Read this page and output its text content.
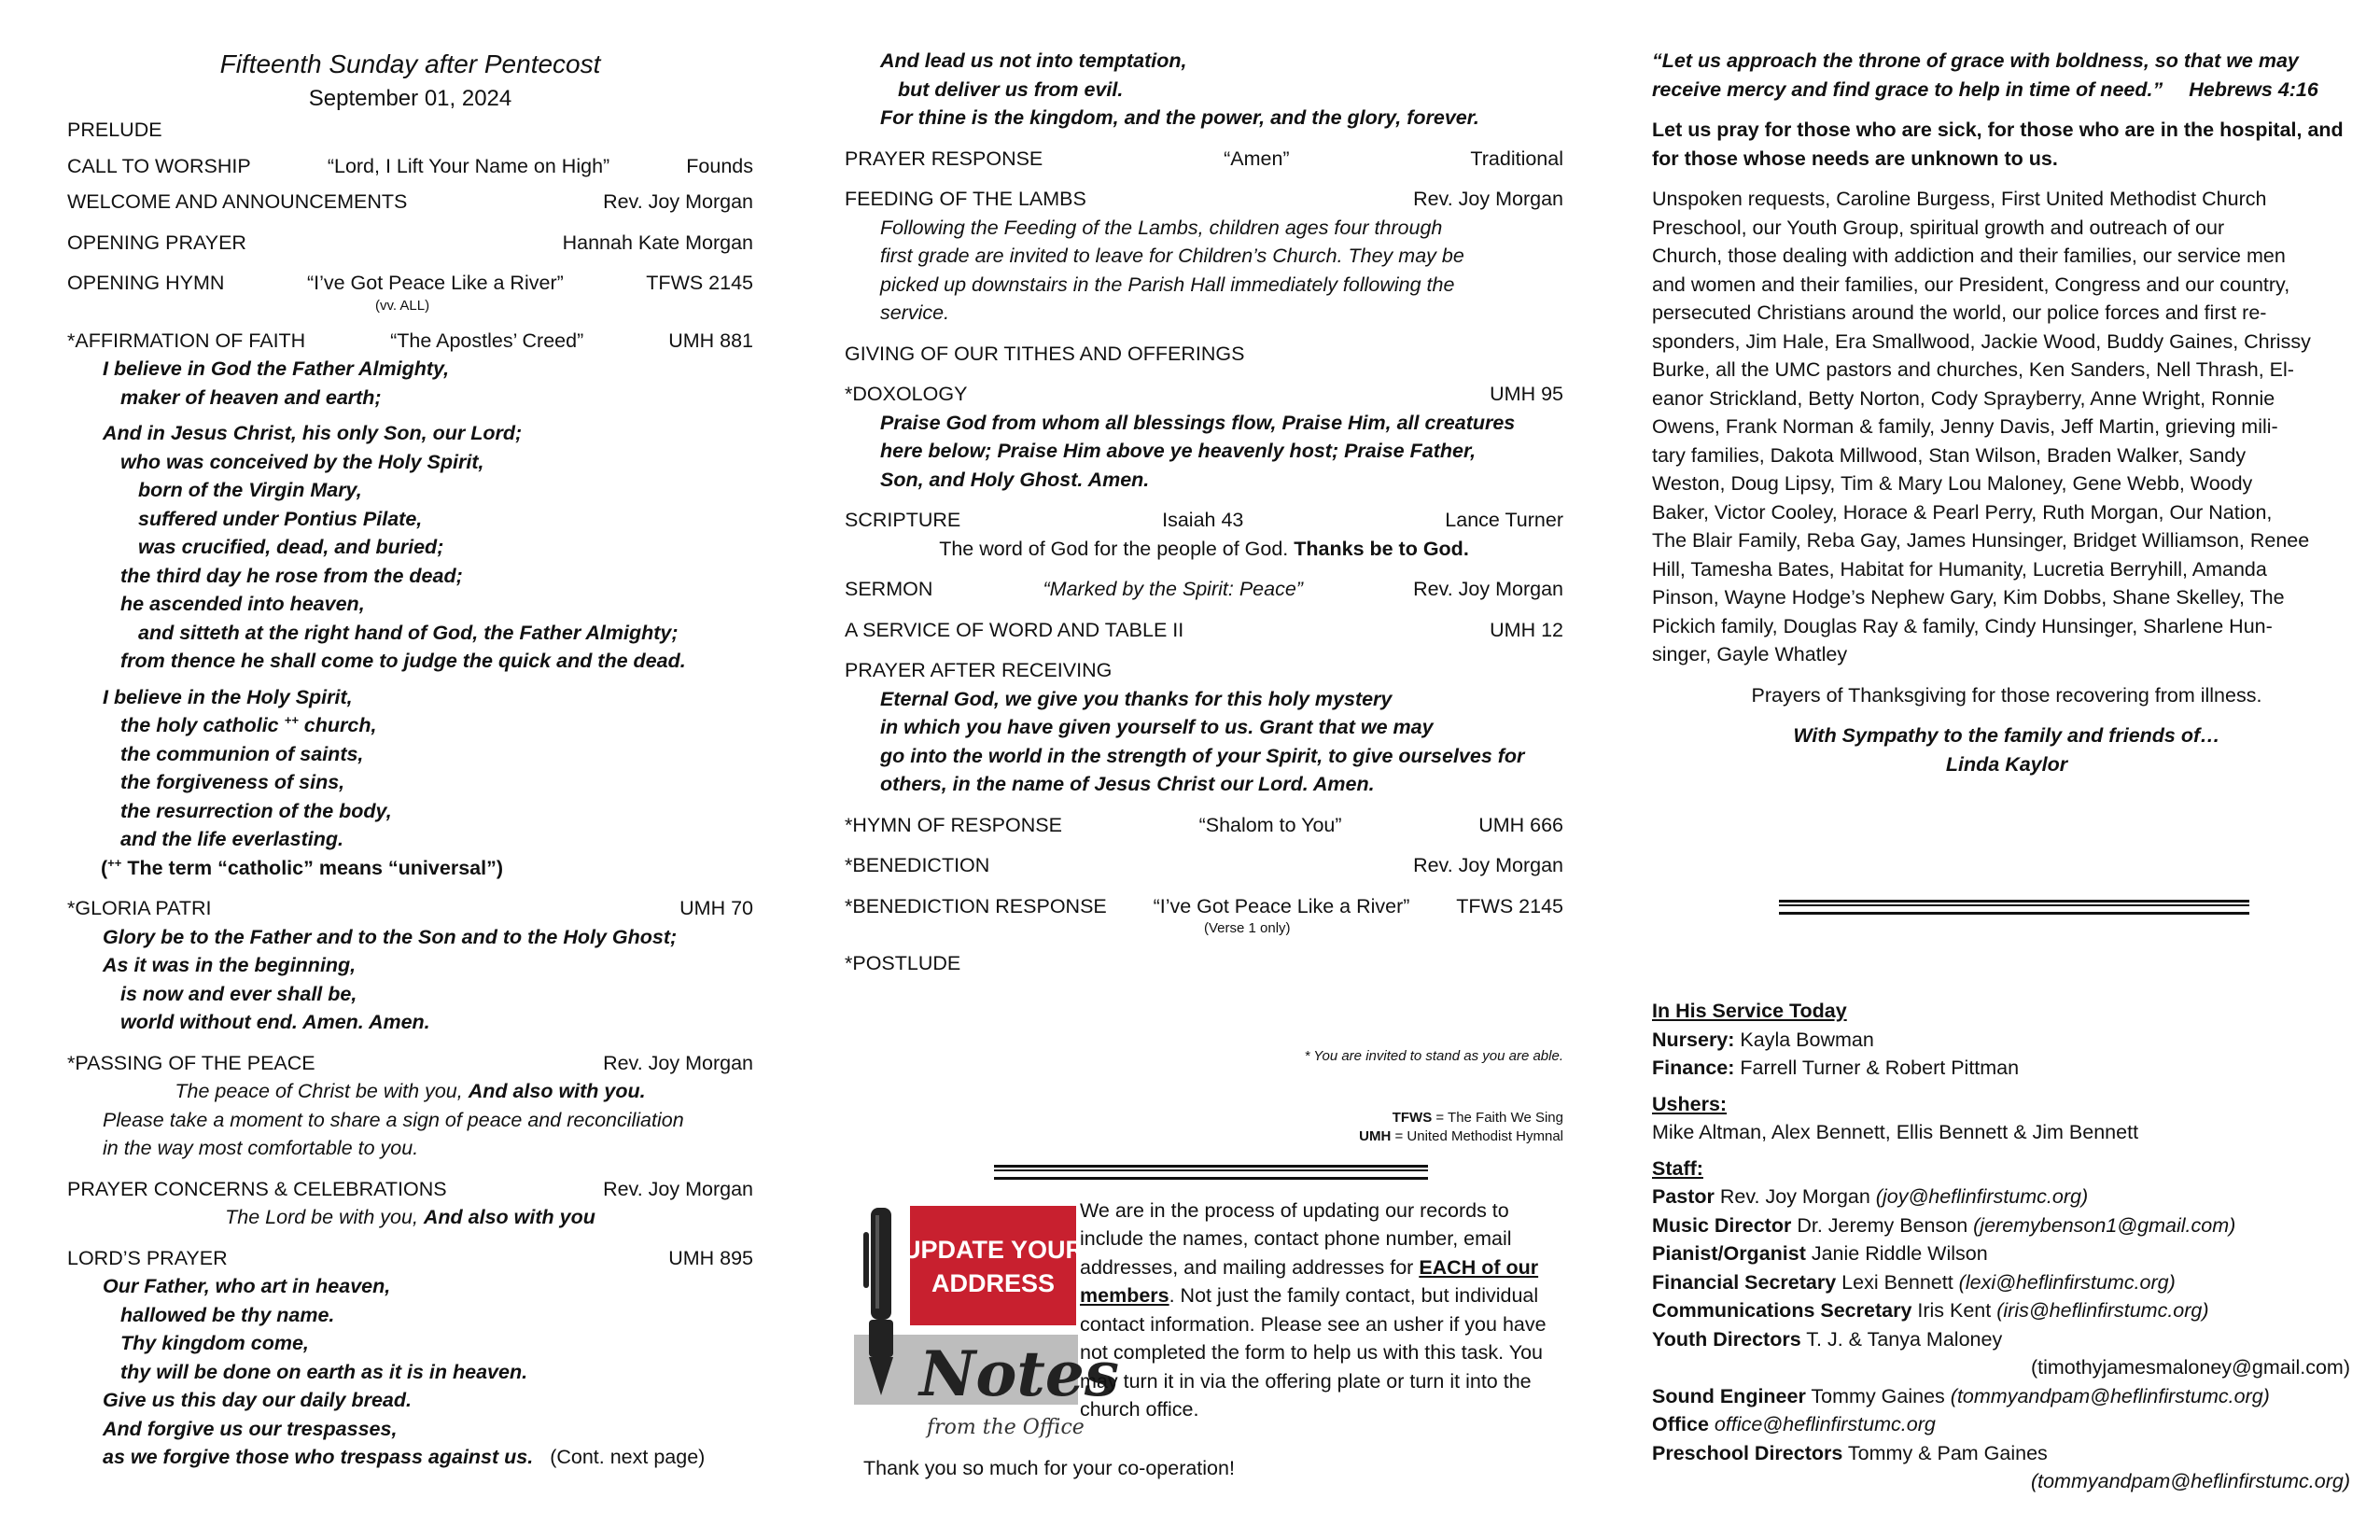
Fifteenth Sunday after Pentecost
September 01, 2024
PRELUDE
CALL TO WORSHIP	“Lord, I Lift Your Name on High”	Founds
WELCOME AND ANNOUNCEMENTS	Rev. Joy Morgan
OPENING PRAYER	Hannah Kate Morgan
OPENING HYMN	“I’ve Got Peace Like a River”	TFWS 2145
(vv. ALL)
*AFFIRMATION OF FAITH	“The Apostles’ Creed”	UMH 881
I believe in God the Father Almighty,
maker of heaven and earth;
And in Jesus Christ, his only Son, our Lord;
who was conceived by the Holy Spirit,
born of the Virgin Mary,
suffered under Pontius Pilate,
was crucified, dead, and buried;
the third day he rose from the dead;
he ascended into heaven,
and sitteth at the right hand of God, the Father Almighty;
from thence he shall come to judge the quick and the dead.
I believe in the Holy Spirit,
the holy catholic ++ church,
the communion of saints,
the forgiveness of sins,
the resurrection of the body,
and the life everlasting.
(++ The term “catholic” means “universal”)
*GLORIA PATRI	UMH 70
Glory be to the Father and to the Son and to the Holy Ghost;
As it was in the beginning,
is now and ever shall be,
world without end. Amen. Amen.
*PASSING OF THE PEACE	Rev. Joy Morgan
The peace of Christ be with you, And also with you.
Please take a moment to share a sign of peace and reconciliation
in the way most comfortable to you.
PRAYER CONCERNS & CELEBRATIONS	Rev. Joy Morgan
The Lord be with you, And also with you
LORD’S PRAYER	UMH 895
Our Father, who art in heaven,
hallowed be thy name.
Thy kingdom come,
thy will be done on earth as it is in heaven.
Give us this day our daily bread.
And forgive us our trespasses,
as we forgive those who trespass against us. (Cont. next page)
And lead us not into temptation,
but deliver us from evil.
For thine is the kingdom, and the power, and the glory, forever.
PRAYER RESPONSE	“Amen”	Traditional
FEEDING OF THE LAMBS	Rev. Joy Morgan
Following the Feeding of the Lambs, children ages four through
first grade are invited to leave for Children’s Church. They may be
picked up downstairs in the Parish Hall immediately following the
service.
GIVING OF OUR TITHES AND OFFERINGS
*DOXOLOGY	UMH 95
Praise God from whom all blessings flow, Praise Him, all creatures
here below; Praise Him above ye heavenly host; Praise Father,
Son, and Holy Ghost. Amen.
SCRIPTURE	Isaiah 43	Lance Turner
The word of God for the people of God. Thanks be to God.
SERMON	“Marked by the Spirit: Peace”	Rev. Joy Morgan
A SERVICE OF WORD AND TABLE II	UMH 12
PRAYER AFTER RECEIVING
Eternal God, we give you thanks for this holy mystery
in which you have given yourself to us. Grant that we may
go into the world in the strength of your Spirit, to give ourselves for
others, in the name of Jesus Christ our Lord. Amen.
*HYMN OF RESPONSE	“Shalom to You”	UMH 666
*BENEDICTION	Rev. Joy Morgan
*BENEDICTION RESPONSE	“I’ve Got Peace Like a River”	TFWS 2145
(Verse 1 only)
*POSTLUDE
* You are invited to stand as you are able.
TFWS = The Faith We Sing
UMH = United Methodist Hymnal
Notes
from the Office
UPDATE YOUR
ADDRESS
We are in the process of updating our records to include the names, contact phone number, email addresses, and mailing addresses for EACH of our members. Not just the family contact, but individual contact information. Please see an usher if you have not completed the form to help us with this task. You may turn it in via the offering plate or turn it into the church office.
Thank you so much for your co-operation!
“Let us approach the throne of grace with boldness, so that we may receive mercy and find grace to help in time of need.” Hebrews 4:16
Let us pray for those who are sick, for those who are in the hospital, and for those whose needs are unknown to us.
Unspoken requests, Caroline Burgess, First United Methodist Church
Preschool, our Youth Group, spiritual growth and outreach of our
Church, those dealing with addiction and their families, our service men
and women and their families, our President, Congress and our country,
persecuted Christians around the world, our police forces and first re-
sponders, Jim Hale, Era Smallwood, Jackie Wood, Buddy Gaines, Chrissy
Burke, all the UMC pastors and churches, Ken Sanders, Nell Thrash, El-
eanor Strickland, Betty Norton, Cody Sprayberry, Anne Wright, Ronnie
Owens, Frank Norman & family, Jenny Davis, Jeff Martin, grieving mili-
tary families, Dakota Millwood, Stan Wilson, Braden Walker, Sandy
Weston, Doug Lipsy, Tim & Mary Lou Maloney, Gene Webb, Woody
Baker, Victor Cooley, Horace & Pearl Perry, Ruth Morgan, Our Nation,
The Blair Family, Reba Gay, James Hunsinger, Bridget Williamson, Renee
Hill, Tamesha Bates, Habitat for Humanity, Lucretia Berryhill, Amanda
Pinson, Wayne Hodge’s Nephew Gary, Kim Dobbs, Shane Skelley, The
Pickich family, Douglas Ray & family, Cindy Hunsinger, Sharlene Hun-
singer, Gayle Whatley
Prayers of Thanksgiving for those recovering from illness.
With Sympathy to the family and friends of…
Linda Kaylor
In His Service Today
Nursery: Kayla Bowman
Finance: Farrell Turner & Robert Pittman
Ushers:
Mike Altman, Alex Bennett, Ellis Bennett & Jim Bennett
Staff:
Pastor Rev. Joy Morgan (joy@heflinfirstumc.org)
Music Director Dr. Jeremy Benson (jeremybenson1@gmail.com)
Pianist/Organist Janie Riddle Wilson
Financial Secretary Lexi Bennett (lexi@heflinfirstumc.org)
Communications Secretary Iris Kent (iris@heflinfirstumc.org)
Youth Directors T. J. & Tanya Maloney
(timothyjamesmaloney@gmail.com)
Sound Engineer Tommy Gaines (tommyandpam@heflinfirstumc.org)
Office office@heflinfirstumc.org
Preschool Directors Tommy & Pam Gaines
(tommyandpam@heflinfirstumc.org)
